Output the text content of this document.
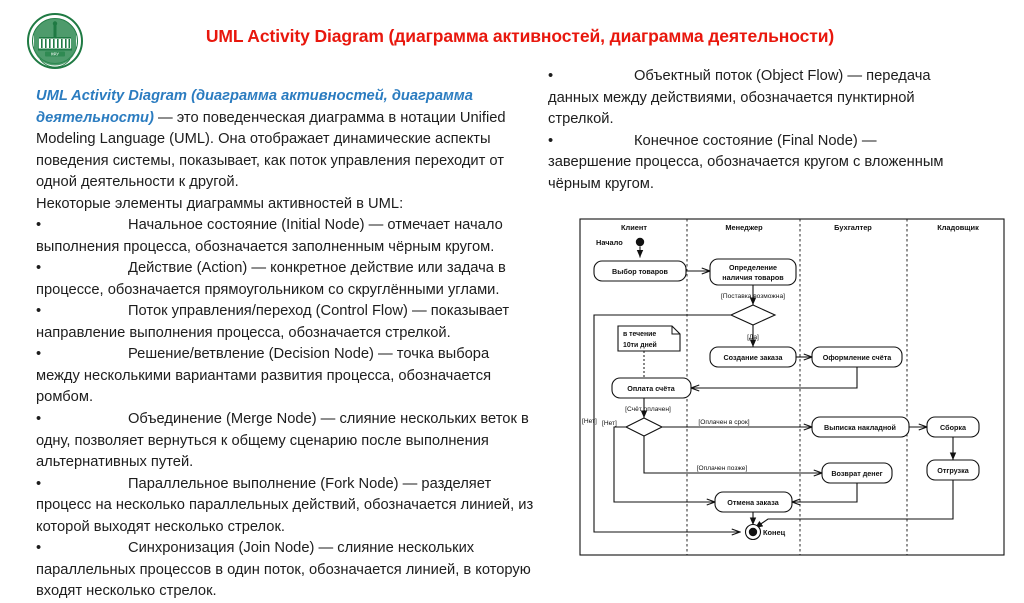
КФУ
UML Activity Diagram (диаграмма активностей, диаграмма деятельности)

UML Activity Diagram (диаграмма активностей, диаграмма деятельности) — это поведенческая диаграмма в нотации Unified Modeling Language (UML). Она отображает динамические аспекты поведения системы, показывает, как поток управления переходит от одной деятельности к другой.

Некоторые элементы диаграммы активностей в UML:

•Начальное состояние (Initial Node) — отмечает начало выполнения процесса, обозначается заполненным чёрным кругом.
•Действие (Action) — конкретное действие или задача в процессе, обозначается прямоугольником со скруглёнными углами.
•Поток управления/переход (Control Flow) — показывает направление выполнения процесса, обозначается стрелкой.
•Решение/ветвление (Decision Node) — точка выбора между несколькими вариантами развития процесса, обозначается ромбом.
•Объединение (Merge Node) — слияние нескольких веток в одну, позволяет вернуться к общему сценарию после выполнения альтернативных путей.
•Параллельное выполнение (Fork Node) — разделяет процесс на несколько параллельных действий, обозначается линией, из которой выходят несколько стрелок.
•Синхронизация (Join Node) — слияние нескольких параллельных процессов в один поток, обозначается линией, в которую входят несколько стрелок.
•Объектный поток (Object Flow) — передача данных между действиями, обозначается пунктирной стрелкой.
•Конечное состояние (Final Node) — завершение процесса, обозначается кругом с вложенным чёрным кругом.
Клиент	Менеджер	Бухгалтер	Кладовщик
Начало
Выбор товаров	Определение
наличия товаров
[Поставка возможна]
[Да]
[Нет]
Создание заказа	Оформление счёта
в течение
10ти дней
Оплата счёта
[Счёт оплачен]
[Нет]	[Оплачен в срок]
[Оплачен позже]
Выписка накладной	Сборка
Отгрузка
Возврат денег
Отмена заказа
Конец
